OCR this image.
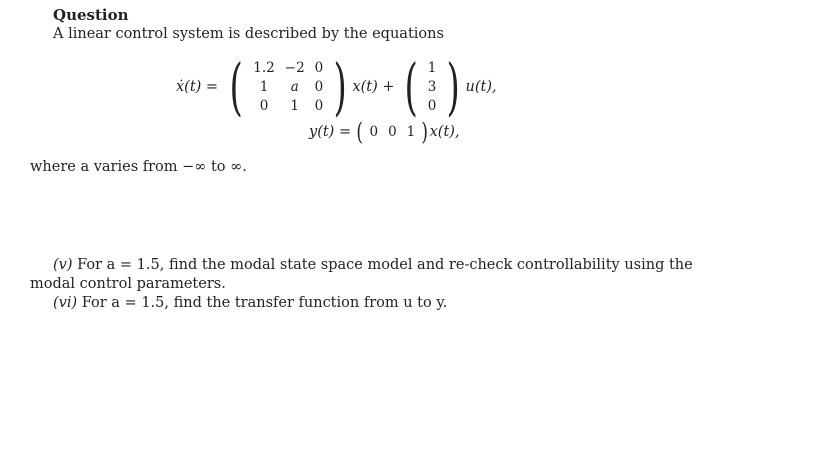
Question
A linear control system is described by the equations
ẋ(t) = ( 1.2	−2	0
1	a	0
0	1	0 ) x(t) + ( 1
3
0 ) u(t),
y(t) = ( 0	0	1 ) x(t),
where a varies from −∞ to ∞.
(v) For a = 1.5, find the modal state space model and re-check controllability using the
modal control parameters.
(vi) For a = 1.5, find the transfer function from u to y.
